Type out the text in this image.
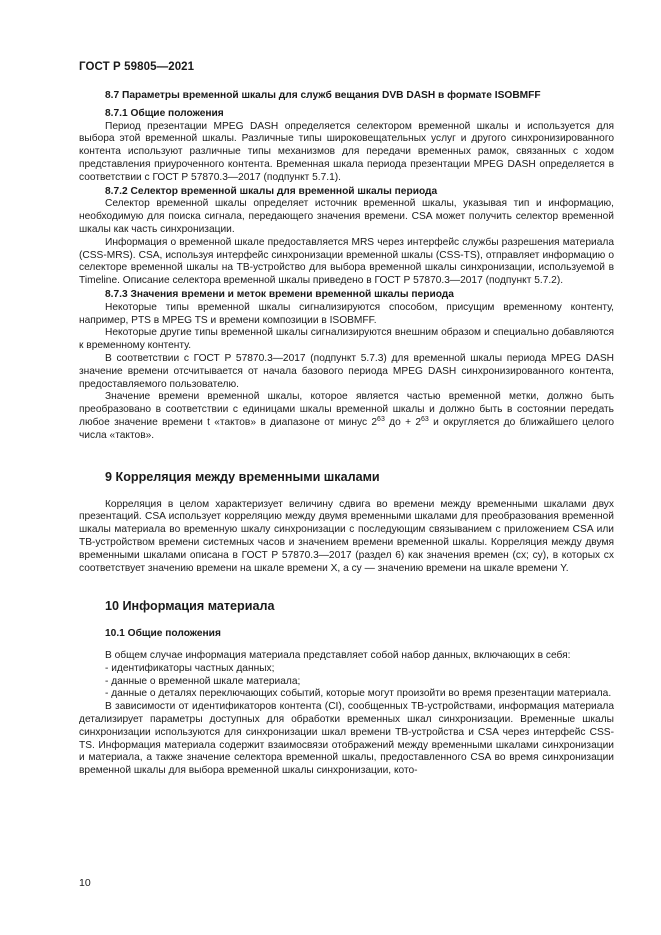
ГОСТ Р 59805—2021
8.7 Параметры временной шкалы для служб вещания DVB DASH в формате ISOBMFF
8.7.1 Общие положения

Период презентации MPEG DASH определяется селектором временной шкалы и используется для выбора этой временной шкалы. Различные типы широковещательных услуг и другого синхронизированного контента используют различные типы механизмов для передачи временных рамок, связанных с ходом представления приуроченного контента. Временная шкала периода презентации MPEG DASH определяется в соответствии с ГОСТ Р 57870.3—2017 (подпункт 5.7.1).

8.7.2 Селектор временной шкалы для временной шкалы периода

Селектор временной шкалы определяет источник временной шкалы, указывая тип и информацию, необходимую для поиска сигнала, передающего значения времени. CSA может получить селектор временной шкалы как часть синхронизации.

Информация о временной шкале предоставляется MRS через интерфейс службы разрешения материала (CSS-MRS). CSA, используя интерфейс синхронизации временной шкалы (CSS-TS), отправляет информацию о селекторе временной шкалы на ТВ-устройство для выбора временной шкалы синхронизации, используемой в Timeline. Описание селектора временной шкалы приведено в ГОСТ Р 57870.3—2017 (подпункт 5.7.2).

8.7.3 Значения времени и меток времени временной шкалы периода

Некоторые типы временной шкалы сигнализируются способом, присущим временному контенту, например, PTS в MPEG TS и времени композиции в ISOBMFF.

Некоторые другие типы временной шкалы сигнализируются внешним образом и специально добавляются к временному контенту.

В соответствии с ГОСТ Р 57870.3—2017 (подпункт 5.7.3) для временной шкалы периода MPEG DASH значение времени отсчитывается от начала базового периода MPEG DASH синхронизированного контента, предоставляемого пользователю.

Значение времени временной шкалы, которое является частью временной метки, должно быть преобразовано в соответствии с единицами шкалы временной шкалы и должно быть в состоянии передать любое значение времени t «тактов» в диапазоне от минус $2^{63}$ до + $2^{63}$ и округляется до ближайшего целого числа «тактов».

9 Корреляция между временными шкалами

Корреляция в целом характеризует величину сдвига во времени между временными шкалами двух презентаций. CSA использует корреляцию между двумя временными шкалами для преобразования временной шкалы материала во временную шкалу синхронизации с последующим связыванием с приложением CSA или ТВ-устройством времени системных часов и значением времени временной шкалы. Корреляция между двумя временными шкалами описана в ГОСТ Р 57870.3—2017 (раздел 6) как значения времен (cx; cy), в которых cx соответствует значению времени на шкале времени X, а cy — значению времени на шкале времени Y.

10 Информация материала
10.1 Общие положения

В общем случае информация материала представляет собой набор данных, включающих в себя:

- идентификаторы частных данных;

- данные о временной шкале материала;

- данные о деталях переключающих событий, которые могут произойти во время презентации материала.

В зависимости от идентификаторов контента (CI), сообщенных ТВ-устройствами, информация материала детализирует параметры доступных для обработки временных шкал синхронизации. Временные шкалы синхронизации используются для синхронизации шкал времени ТВ-устройства и CSA через интерфейс CSS-TS. Информация материала содержит взаимосвязи отображений между временными шкалами синхронизации и материала, а также значение селектора временной шкалы, предоставленного CSA во время синхронизации временной шкалы для выбора временной шкалы синхронизации, кото-

10
